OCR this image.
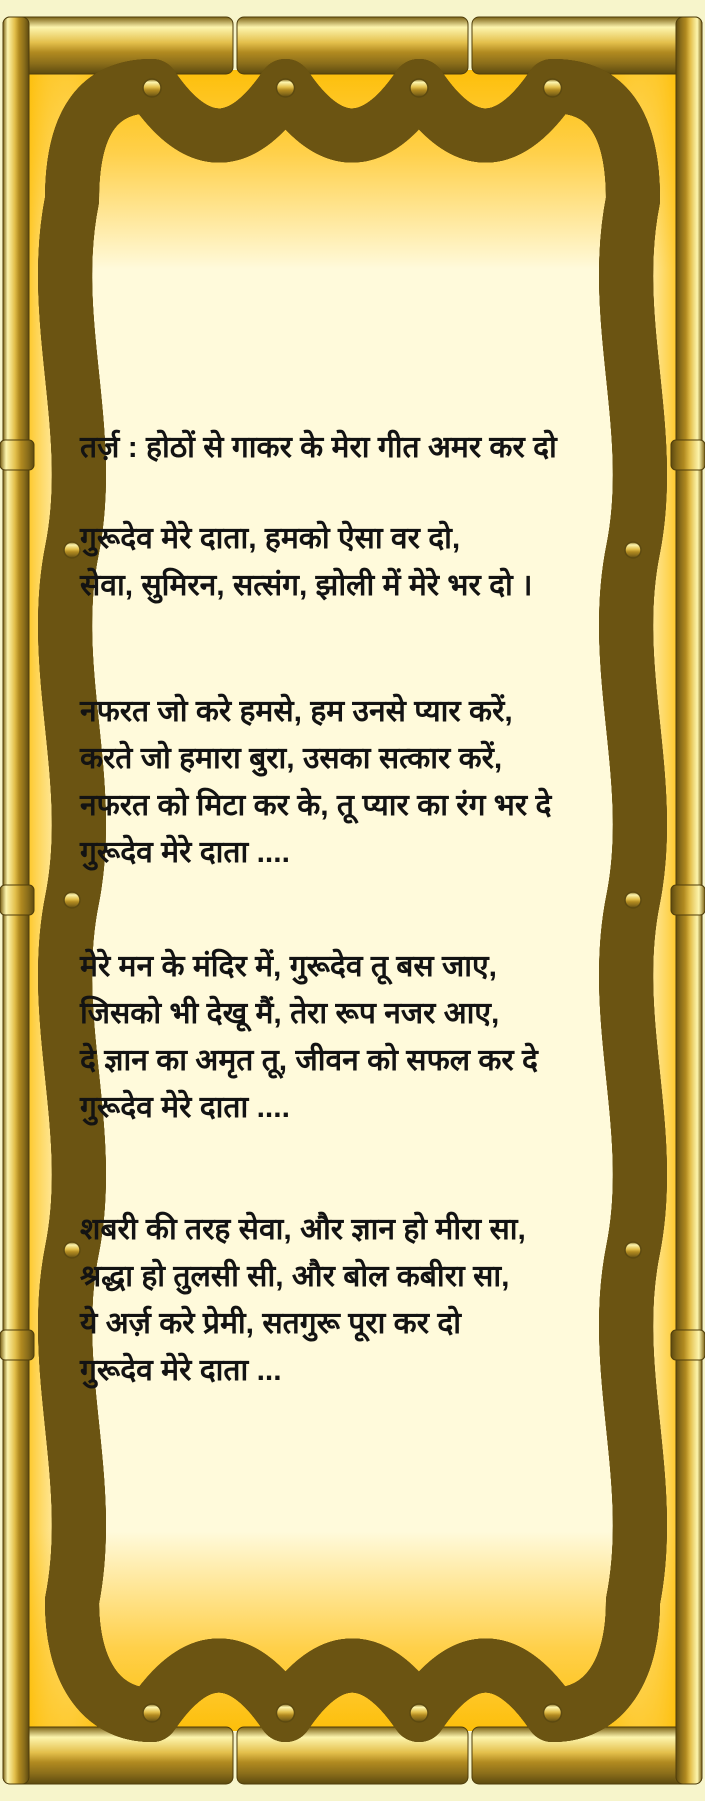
तर्ज़ : होठों से गाकर के मेरा गीत अमर कर दो
गुरूदेव मेरे दाता, हमको ऐसा वर दो,
सेवा, सुमिरन, सत्संग, झोली में मेरे भर दो ।
नफरत जो करे हमसे, हम उनसे प्यार करें,
करते जो हमारा बुरा, उसका सत्कार करें,
नफरत को मिटा कर के, तू प्यार का रंग भर दे
गुरूदेव मेरे दाता ....
मेरे मन के मंदिर में, गुरूदेव तू बस जाए,
जिसको भी देखू मैं, तेरा रूप नजर आए,
दे ज्ञान का अमृत तू, जीवन को सफल कर दे
गुरूदेव मेरे दाता ....
शबरी की तरह सेवा, और ज्ञान हो मीरा सा,
श्रद्धा हो तुलसी सी, और बोल कबीरा सा,
ये अर्ज़ करे प्रेमी, सतगुरू पूरा कर दो
गुरूदेव मेरे दाता ...
